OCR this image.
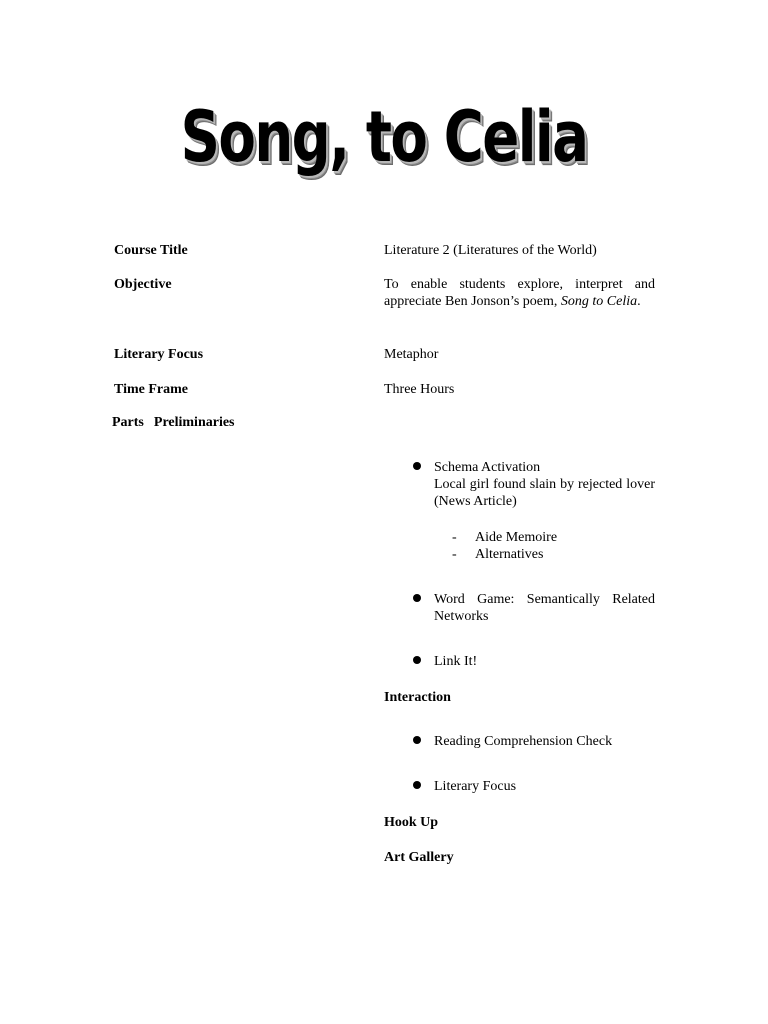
Song, to Celia
Course Title	Literature 2 (Literatures of the World)
Objective	To enable students explore, interpret and appreciate Ben Jonson’s poem, Song to Celia.
Literary Focus	Metaphor
Time Frame	Three Hours
Parts Preliminaries
Schema Activation
Local girl found slain by rejected lover (News Article)
- Aide Memoire
- Alternatives
Word Game: Semantically Related Networks
Link It!
Interaction
Reading Comprehension Check
Literary Focus
Hook Up
Art Gallery
